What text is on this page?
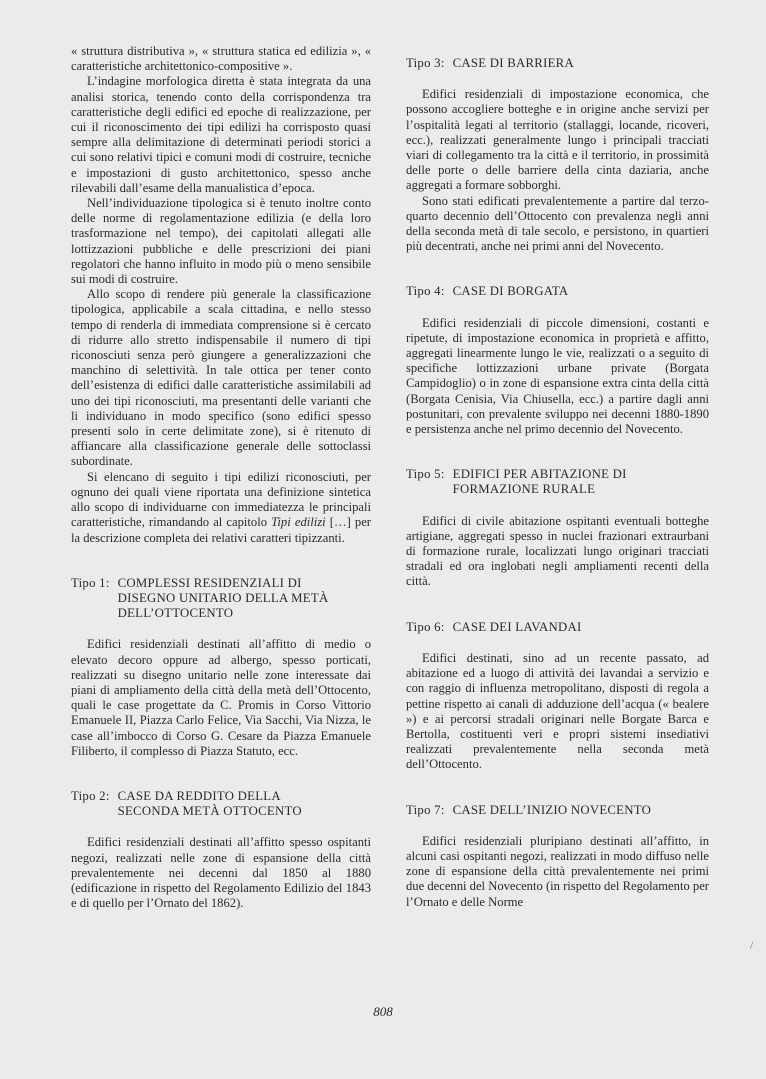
« struttura distributiva », « struttura statica ed edilizia », « caratteristiche architettonico-compositive ».

L’indagine morfologica diretta è stata integrata da una analisi storica, tenendo conto della corrispondenza tra caratteristiche degli edifici ed epoche di realizzazione, per cui il riconoscimento dei tipi edilizi ha corrisposto quasi sempre alla delimitazione di determinati periodi storici a cui sono relativi tipici e comuni modi di costruire, tecniche e impostazioni di gusto architettonico, spesso anche rilevabili dall’esame della manualistica d’epoca.

Nell’individuazione tipologica si è tenuto inoltre conto delle norme di regolamentazione edilizia (e della loro trasformazione nel tempo), dei capitolati allegati alle lottizzazioni pubbliche e delle prescrizioni dei piani regolatori che hanno influito in modo più o meno sensibile sui modi di costruire.

Allo scopo di rendere più generale la classificazione tipologica, applicabile a scala cittadina, e nello stesso tempo di renderla di immediata comprensione si è cercato di ridurre allo stretto indispensabile il numero di tipi riconosciuti senza però giungere a generalizzazioni che manchino di selettività. In tale ottica per tener conto dell’esistenza di edifici dalle caratteristiche assimilabili ad uno dei tipi riconosciuti, ma presentanti delle varianti che li individuano in modo specifico (sono edifici spesso presenti solo in certe delimitate zone), si è ritenuto di affiancare alla classificazione generale delle sottoclassi subordinate.

Si elencano di seguito i tipi edilizi riconosciuti, per ognuno dei quali viene riportata una definizione sintetica allo scopo di individuarne con immediatezza le principali caratteristiche, rimandando al capitolo Tipi edilizi […] per la descrizione completa dei relativi caratteri tipizzanti.

Tipo 1: COMPLESSI RESIDENZIALI DI
DISEGNO UNITARIO DELLA METÀ
DELL’OTTOCENTO

Edifici residenziali destinati all’affitto di medio o elevato decoro oppure ad albergo, spesso porticati, realizzati su disegno unitario nelle zone interessate dai piani di ampliamento della città della metà dell’Ottocento, quali le case progettate da C. Promis in Corso Vittorio Emanuele II, Piazza Carlo Felice, Via Sacchi, Via Nizza, le case all’imbocco di Corso G. Cesare da Piazza Emanuele Filiberto, il complesso di Piazza Statuto, ecc.

Tipo 2: CASE DA REDDITO DELLA
SECONDA METÀ OTTOCENTO

Edifici residenziali destinati all’affitto spesso ospitanti negozi, realizzati nelle zone di espansione della città prevalentemente nei decenni dal 1850 al 1880 (edificazione in rispetto del Regolamento Edilizio del 1843 e di quello per l’Ornato del 1862).

Tipo 3: CASE DI BARRIERA

Edifici residenziali di impostazione economica, che possono accogliere botteghe e in origine anche servizi per l’ospitalità legati al territorio (stallaggi, locande, ricoveri, ecc.), realizzati generalmente lungo i principali tracciati viari di collegamento tra la città e il territorio, in prossimità delle porte o delle barriere della cinta daziaria, anche aggregati a formare sobborghi.

Sono stati edificati prevalentemente a partire dal terzo-quarto decennio dell’Ottocento con prevalenza negli anni della seconda metà di tale secolo, e persistono, in quartieri più decentrati, anche nei primi anni del Novecento.

Tipo 4: CASE DI BORGATA

Edifici residenziali di piccole dimensioni, costanti e ripetute, di impostazione economica in proprietà e affitto, aggregati linearmente lungo le vie, realizzati o a seguito di specifiche lottizzazioni urbane private (Borgata Campidoglio) o in zone di espansione extra cinta della città (Borgata Cenisia, Via Chiusella, ecc.) a partire dagli anni postunitari, con prevalente sviluppo nei decenni 1880-1890 e persistenza anche nel primo decennio del Novecento.

Tipo 5: EDIFICI PER ABITAZIONE DI
FORMAZIONE RURALE

Edifici di civile abitazione ospitanti eventuali botteghe artigiane, aggregati spesso in nuclei frazionari extraurbani di formazione rurale, localizzati lungo originari tracciati stradali ed ora inglobati negli ampliamenti recenti della città.

Tipo 6: CASE DEI LAVANDAI

Edifici destinati, sino ad un recente passato, ad abitazione ed a luogo di attività dei lavandai a servizio e con raggio di influenza metropolitano, disposti di regola a pettine rispetto ai canali di adduzione dell’acqua (« bealere ») e ai percorsi stradali originari nelle Borgate Barca e Bertolla, costituenti veri e propri sistemi insediativi realizzati prevalentemente nella seconda metà dell’Ottocento.

Tipo 7: CASE DELL’INIZIO NOVECENTO

Edifici residenziali pluripiano destinati all’affitto, in alcuni casi ospitanti negozi, realizzati in modo diffuso nelle zone di espansione della città prevalentemente nei primi due decenni del Novecento (in rispetto del Regolamento per l’Ornato e delle Norme

/
808
